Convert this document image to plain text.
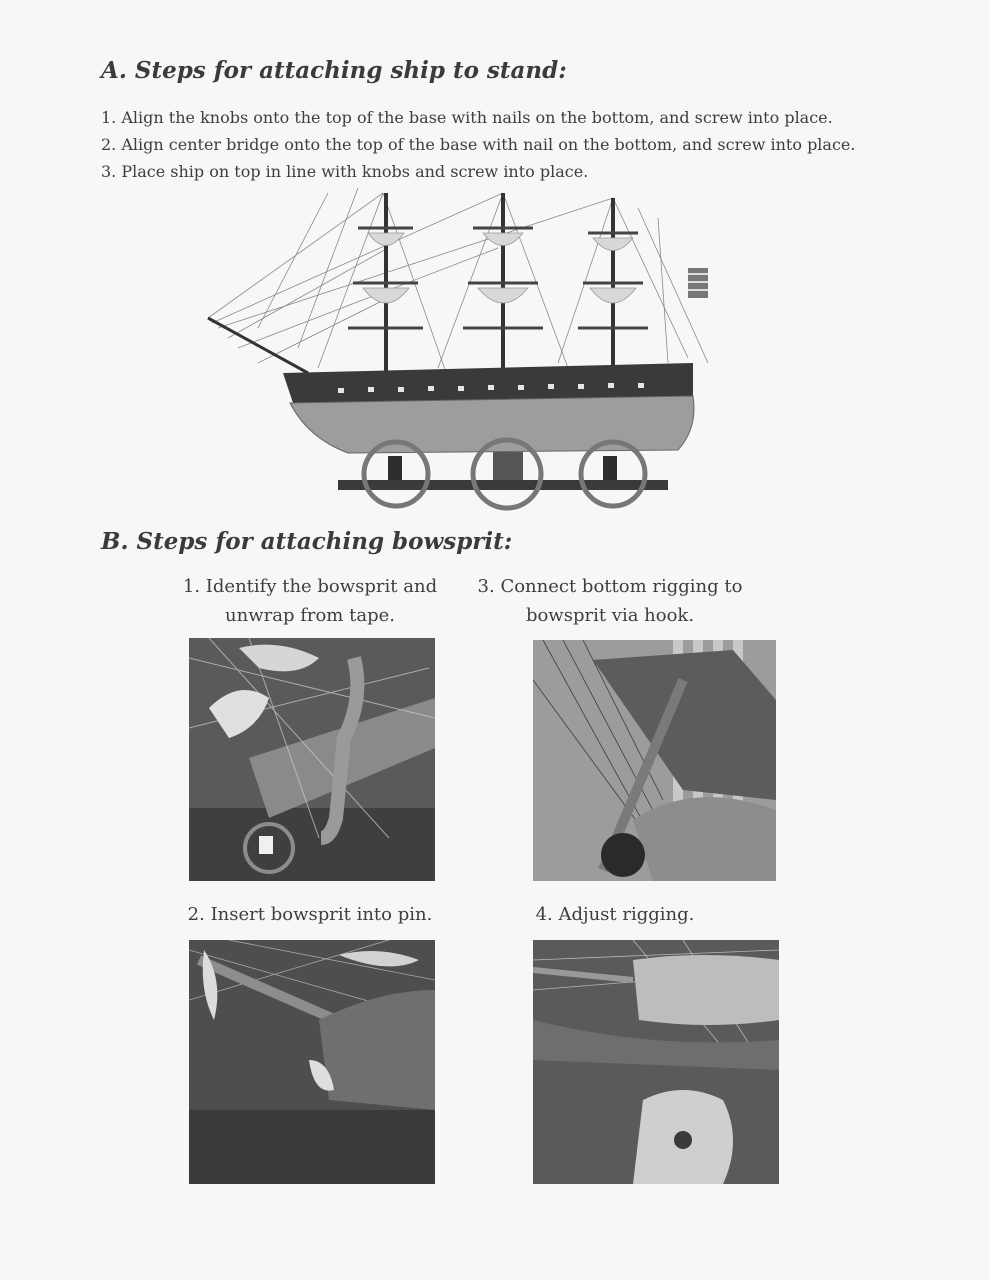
A. Steps for attaching ship to stand:
1. Align the knobs onto the top of the base with nails on the bottom, and screw into place.
2. Align center bridge onto the top of the base with nail on the bottom, and screw into place.
3. Place ship on top in line with knobs and screw into place.
B. Steps for attaching bowsprit:
1. Identify the bowsprit and
unwrap from tape.
3. Connect bottom rigging to
bowsprit via hook.
2. Insert bowsprit into pin.	4. Adjust rigging.
